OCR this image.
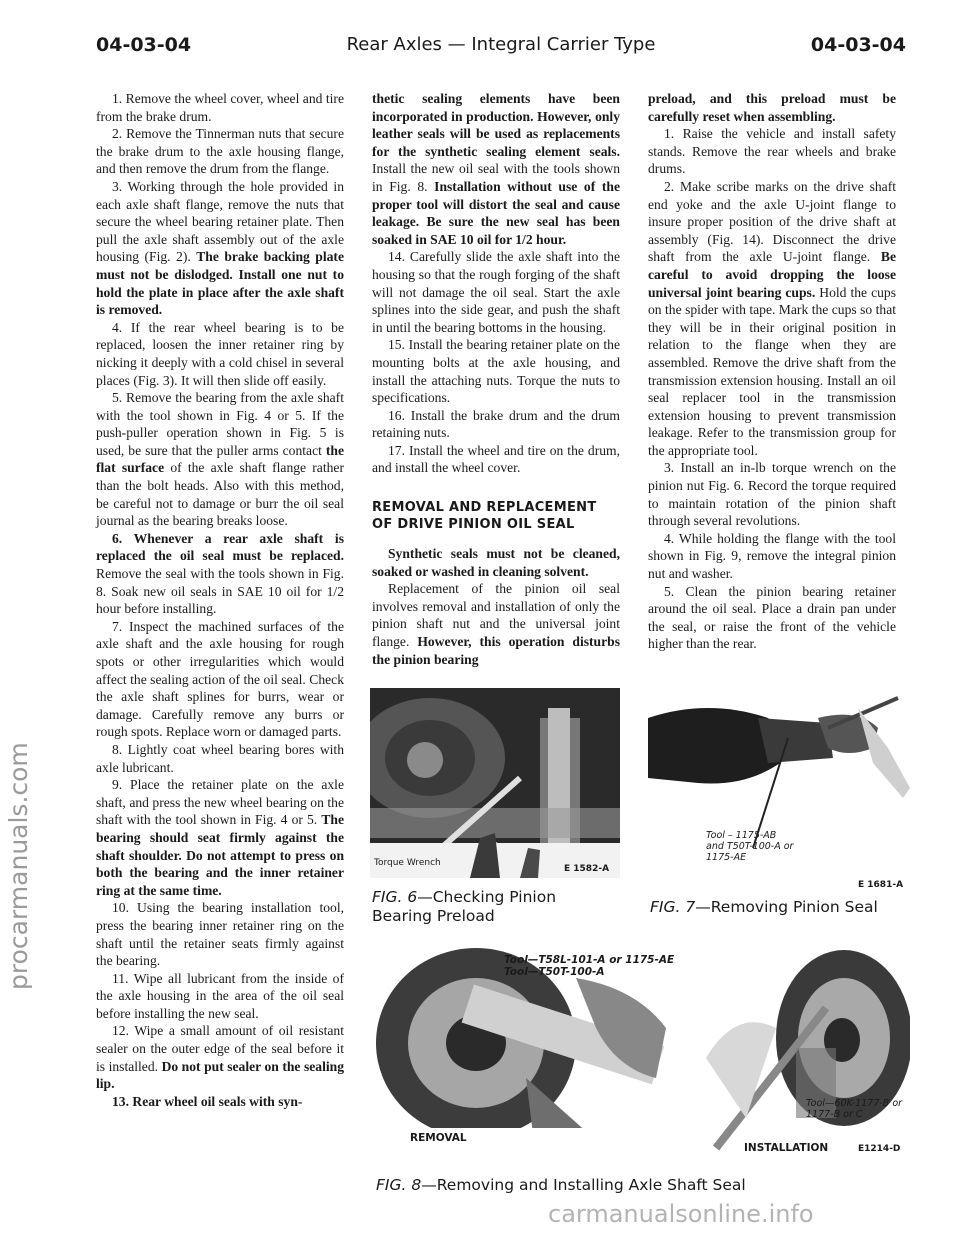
04-03-04	Rear Axles — Integral Carrier Type	04-03-04

1. Remove the wheel cover, wheel and tire from the brake drum.

2. Remove the Tinnerman nuts that secure the brake drum to the axle housing flange, and then remove the drum from the flange.

3. Working through the hole provided in each axle shaft flange, remove the nuts that secure the wheel bearing retainer plate. Then pull the axle shaft assembly out of the axle housing (Fig. 2). The brake backing plate must not be dislodged. Install one nut to hold the plate in place after the axle shaft is removed.

4. If the rear wheel bearing is to be replaced, loosen the inner retainer ring by nicking it deeply with a cold chisel in several places (Fig. 3). It will then slide off easily.

5. Remove the bearing from the axle shaft with the tool shown in Fig. 4 or 5. If the push-puller operation shown in Fig. 5 is used, be sure that the puller arms contact the flat surface of the axle shaft flange rather than the bolt heads. Also with this method, be careful not to damage or burr the oil seal journal as the bearing breaks loose.

6. Whenever a rear axle shaft is replaced the oil seal must be replaced. Remove the seal with the tools shown in Fig. 8. Soak new oil seals in SAE 10 oil for 1/2 hour before installing.

7. Inspect the machined surfaces of the axle shaft and the axle housing for rough spots or other irregularities which would affect the sealing action of the oil seal. Check the axle shaft splines for burrs, wear or damage. Carefully remove any burrs or rough spots. Replace worn or damaged parts.

8. Lightly coat wheel bearing bores with axle lubricant.

9. Place the retainer plate on the axle shaft, and press the new wheel bearing on the shaft with the tool shown in Fig. 4 or 5. The bearing should seat firmly against the shaft shoulder. Do not attempt to press on both the bearing and the inner retainer ring at the same time.

10. Using the bearing installation tool, press the bearing inner retainer ring on the shaft until the retainer seats firmly against the bearing.

11. Wipe all lubricant from the inside of the axle housing in the area of the oil seal before installing the new seal.

12. Wipe a small amount of oil resistant sealer on the outer edge of the seal before it is installed. Do not put sealer on the sealing lip.

13. Rear wheel oil seals with syn-

thetic sealing elements have been incorporated in production. However, only leather seals will be used as replacements for the synthetic sealing element seals. Install the new oil seal with the tools shown in Fig. 8. Installation without use of the proper tool will distort the seal and cause leakage. Be sure the new seal has been soaked in SAE 10 oil for 1/2 hour.

14. Carefully slide the axle shaft into the housing so that the rough forging of the shaft will not damage the oil seal. Start the axle splines into the side gear, and push the shaft in until the bearing bottoms in the housing.

15. Install the bearing retainer plate on the mounting bolts at the axle housing, and install the attaching nuts. Torque the nuts to specifications.

16. Install the brake drum and the drum retaining nuts.

17. Install the wheel and tire on the drum, and install the wheel cover.

REMOVAL AND REPLACEMENT OF DRIVE PINION OIL SEAL

Synthetic seals must not be cleaned, soaked or washed in cleaning solvent.

Replacement of the pinion oil seal involves removal and installation of only the pinion shaft nut and the universal joint flange. However, this operation disturbs the pinion bearing

preload, and this preload must be carefully reset when assembling.

1. Raise the vehicle and install safety stands. Remove the rear wheels and brake drums.

2. Make scribe marks on the drive shaft end yoke and the axle U-joint flange to insure proper position of the drive shaft at assembly (Fig. 14). Disconnect the drive shaft from the axle U-joint flange. Be careful to avoid dropping the loose universal joint bearing cups. Hold the cups on the spider with tape. Mark the cups so that they will be in their original position in relation to the flange when they are assembled. Remove the drive shaft from the transmission extension housing. Install an oil seal replacer tool in the transmission extension housing to prevent transmission leakage. Refer to the transmission group for the appropriate tool.

3. Install an in-lb torque wrench on the pinion nut Fig. 6. Record the torque required to maintain rotation of the pinion shaft through several revolutions.

4. While holding the flange with the tool shown in Fig. 9, remove the integral pinion nut and washer.

5. Clean the pinion bearing retainer around the oil seal. Place a drain pan under the seal, or raise the front of the vehicle higher than the rear.

Torque Wrench
E 1582-A
FIG. 6—Checking Pinion Bearing Preload
Tool – 1175-AB and T50T-100-A or 1175-AE
E 1681-A
FIG. 7—Removing Pinion Seal
Tool—T58L-101-A or 1175-AE Tool—T50T-100-A
Tool—60K-1177-B or 1177-B or C
REMOVAL
INSTALLATION	E1214-D
FIG. 8—Removing and Installing Axle Shaft Seal
procarmanuals.com
carmanualsonline.info
